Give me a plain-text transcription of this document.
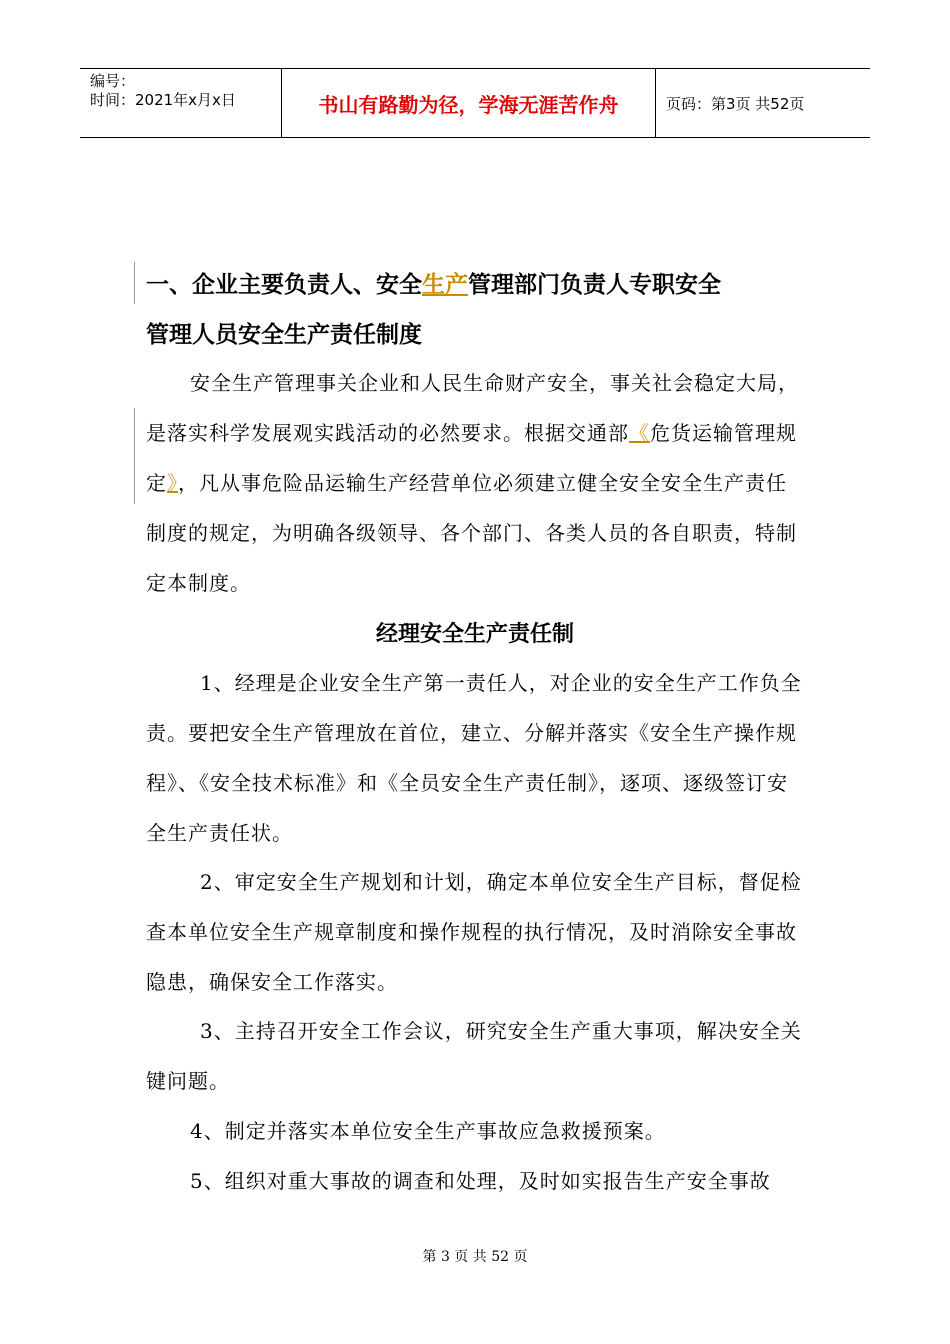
编号：
时间：2021年x月x日	书山有路勤为径，学海无涯苦作舟	页码：第3页 共52页
一、企业主要负责人、安全生产管理部门负责人专职安全
管理人员安全生产责任制度
安全生产管理事关企业和人民生命财产安全，事关社会稳定大局，是落实科学发展观实践活动的必然要求。根据交通部《危货运输管理规定》，凡从事危险品运输生产经营单位必须建立健全安全安全生产责任制度的规定，为明确各级领导、各个部门、各类人员的各自职责，特制定本制度。
经理安全生产责任制
1、经理是企业安全生产第一责任人，对企业的安全生产工作负全责。要把安全生产管理放在首位，建立、分解并落实《安全生产操作规程》、《安全技术标准》和《全员安全生产责任制》，逐项、逐级签订安全生产责任状。
2、审定安全生产规划和计划，确定本单位安全生产目标，督促检查本单位安全生产规章制度和操作规程的执行情况，及时消除安全事故隐患，确保安全工作落实。
3、主持召开安全工作会议，研究安全生产重大事项，解决安全关键问题。
4、制定并落实本单位安全生产事故应急救援预案。
5、组织对重大事故的调查和处理，及时如实报告生产安全事故
第 3 页 共 52 页
